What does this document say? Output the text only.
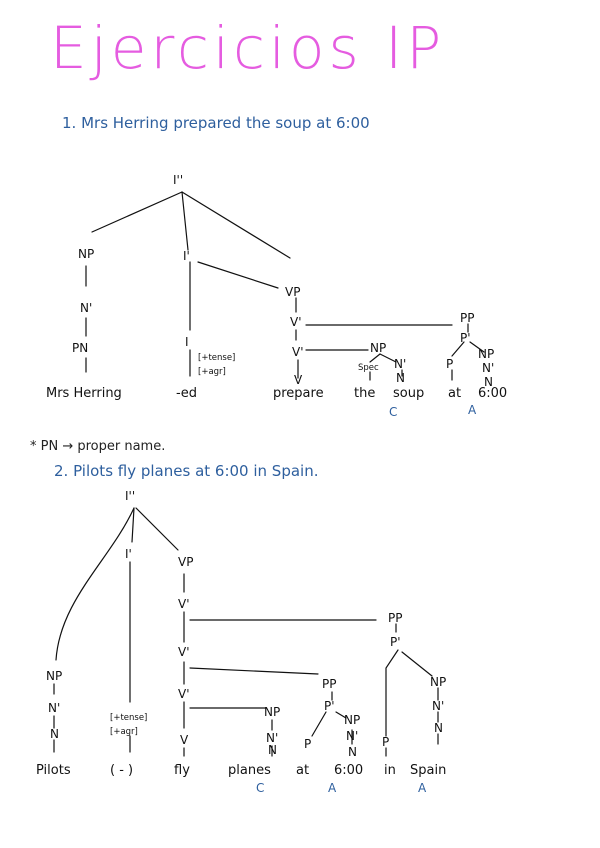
Ejercicios IP
1. Mrs Herring prepared the soup at 6:00
I''
NP
N'
PN
I'
I
[+tense]
[+agr]
VP
V'
V'
V
NP
Spec N'
N
PP
P'
P
NP
N'
N
Mrs Herring	-ed	prepare the soup at 6:00
C	A
* PN → proper name.
2. Pilots fly planes at 6:00 in Spain.
I''
I'
VP
V'
V'
V'
V
NP
N'
N
[+tense]
[+agr]
NP
N'
N
PP
P'
P
NP
N'
N
PP
P'
P
NP
N'
N
Pilots	( - )	fly	planes at 6:00 in Spain
C	A	A
